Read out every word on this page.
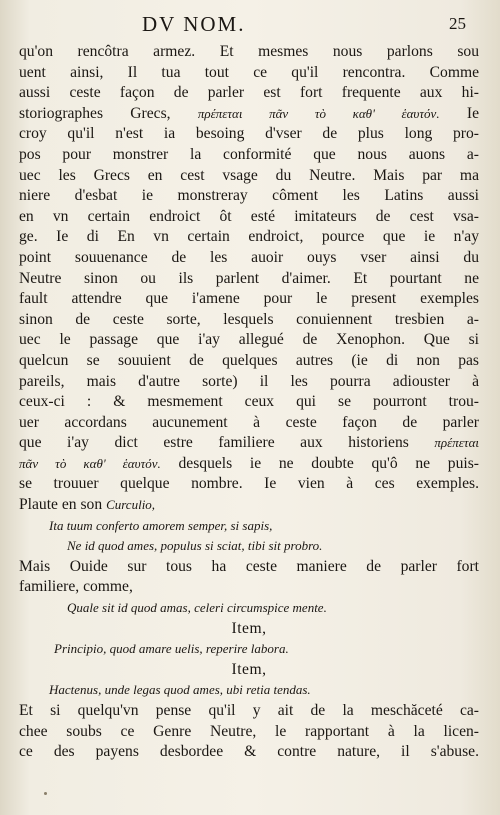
DV NOM.	25
qu'on rencôtra armez. Et mesmes nous parlons sou
uent ainsi, Il tua tout ce qu'il rencontra. Comme
aussi ceste façon de parler est fort frequente aux hi-
storiographes Grecs, πρέπεται πᾶν τὸ καθ' ἑαυτόν. Ie
croy qu'il n'est ia besoing d'vser de plus long pro-
pos pour monstrer la conformité que nous auons a-
uec les Grecs en cest vsage du Neutre. Mais par ma
niere d'esbat ie monstreray côment les Latins aussi
en vn certain endroict ôt esté imitateurs de cest vsa-
ge. Ie di En vn certain endroict, pource que ie n'ay
point souuenance de les auoir ouys vser ainsi du
Neutre sinon ou ils parlent d'aimer. Et pourtant ne
fault attendre que i'amene pour le present exemples
sinon de ceste sorte, lesquels conuiennent tresbien a-
uec le passage que i'ay allegué de Xenophon. Que si
quelcun se souuient de quelques autres (ie di non pas
pareils, mais d'autre sorte) il les pourra adiouster à
ceux-ci : & mesmement ceux qui se pourront trou-
uer accordans aucunement à ceste façon de parler
que i'ay dict estre familiere aux historiens πρέπεται
πᾶν τὸ καθ' ἑαυτόν. desquels ie ne doubte qu'ô ne puis-
se trouuer quelque nombre. Ie vien à ces exemples.
Plaute en son Curculio,
Ita tuum conferto amorem semper, si sapis,
Ne id quod ames, populus si sciat, tibi sit probro.
Mais Ouide sur tous ha ceste maniere de parler fort
familiere, comme,
Quale sit id quod amas, celeri circumspice mente.
Item,
Principio, quod amare uelis, reperire labora.
Item,
Hactenus, unde legas quod ames, ubi retia tendas.
Et si quelqu'vn pense qu'il y ait de la meschăceté ca-
chee soubs ce Genre Neutre, le rapportant à la licen-
ce des payens desbordee & contre nature, il s'abuse.
